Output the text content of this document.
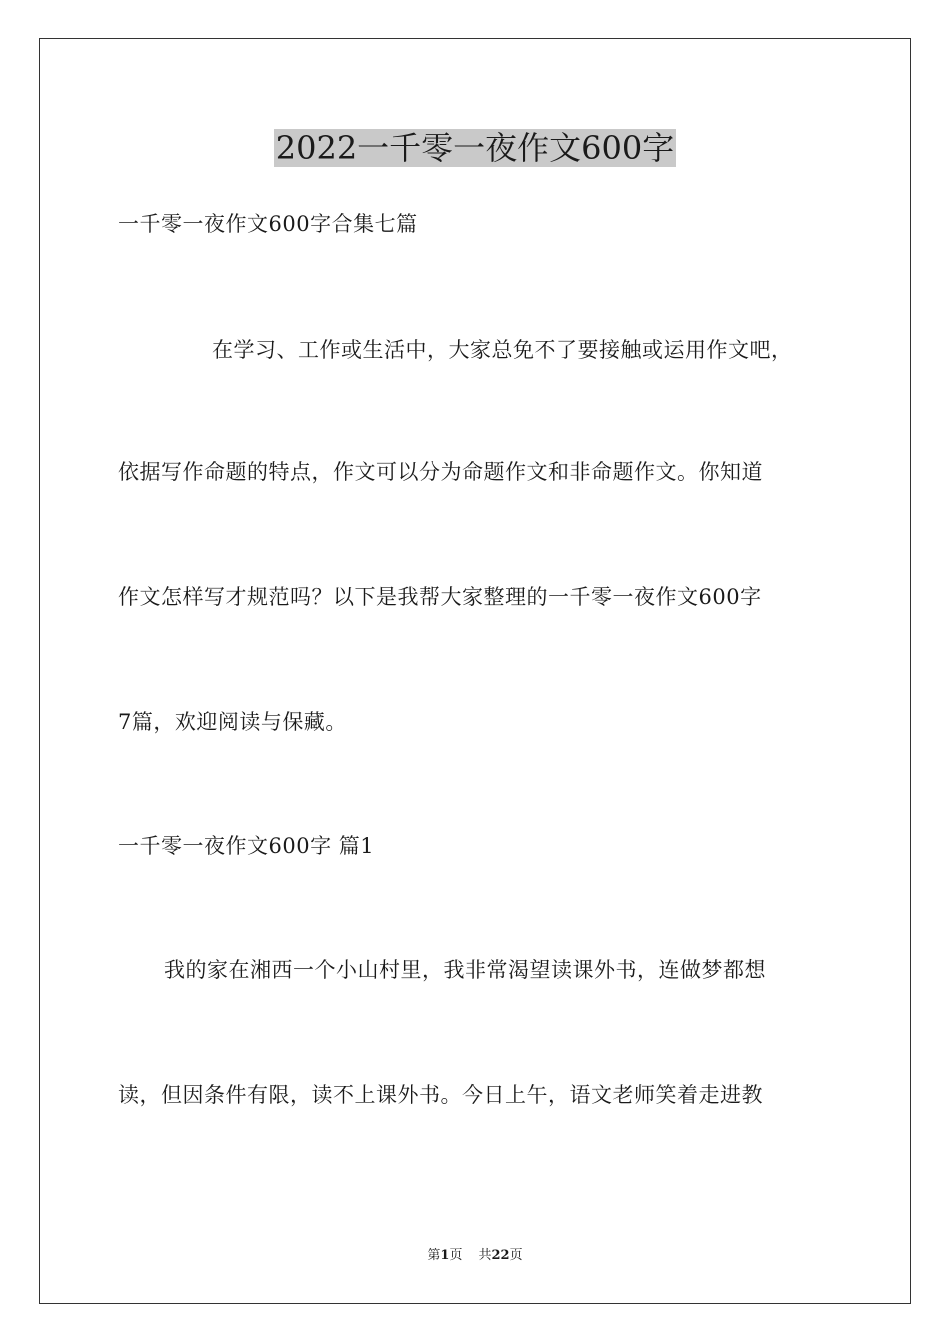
2022一千零一夜作文600字
一千零一夜作文600字合集七篇
在学习、工作或生活中，大家总免不了要接触或运用作文吧，
依据写作命题的特点，作文可以分为命题作文和非命题作文。你知道
作文怎样写才规范吗？以下是我帮大家整理的一千零一夜作文600字
7篇，欢迎阅读与保藏。
一千零一夜作文600字 篇1
我的家在湘西一个小山村里，我非常渴望读课外书，连做梦都想
读，但因条件有限，读不上课外书。今日上午，语文老师笑着走进教
第1页 共22页
